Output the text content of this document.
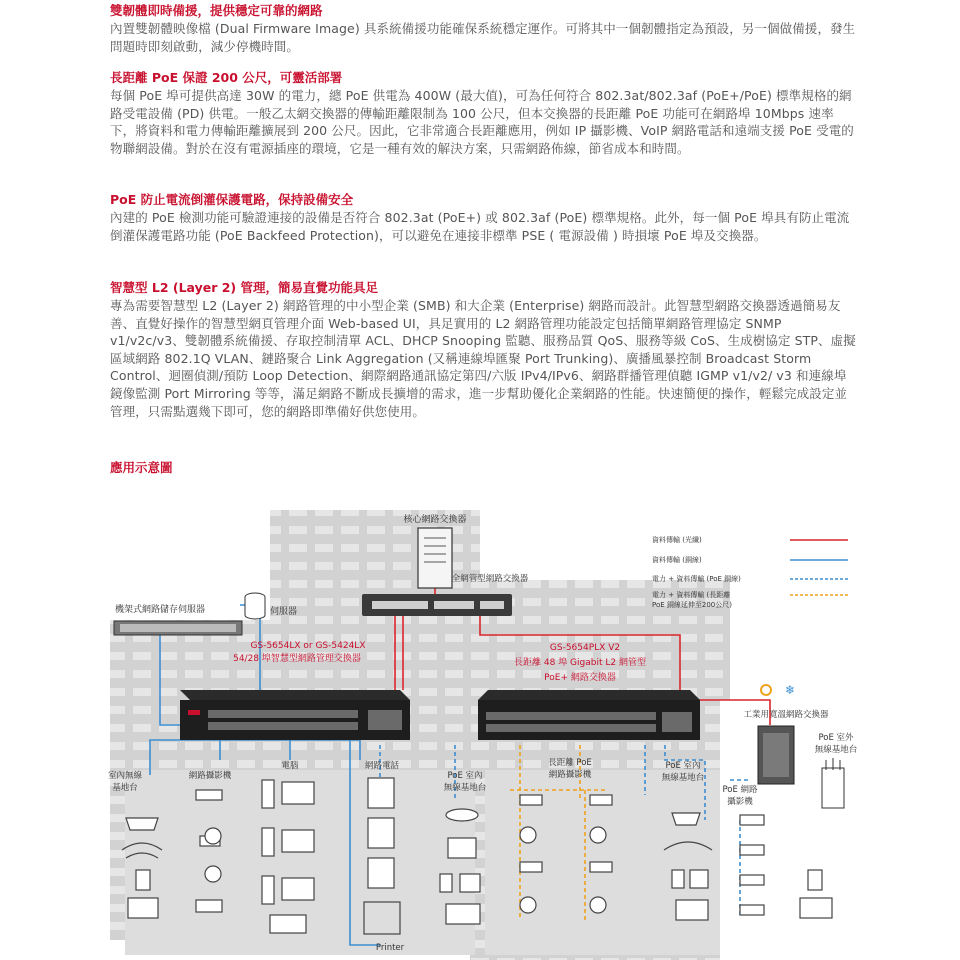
雙韌體即時備援，提供穩定可靠的網路

內置雙韌體映像檔 (Dual Firmware Image) 具系統備援功能確保系統穩定運作。可將其中一個韌體指定為預設，另一個做備援，發生問題時即刻啟動，減少停機時間。

長距離 PoE 保證 200 公尺，可靈活部署

每個 PoE 埠可提供高達 30W 的電力，總 PoE 供電為 400W (最大值)，可為任何符合 802.3at/802.3af (PoE+/PoE) 標準規格的網路受電設備 (PD) 供電。一般乙太網交換器的傳輸距離限制為 100 公尺，但本交換器的長距離 PoE 功能可在網路埠 10Mbps 速率下，將資料和電力傳輸距離擴展到 200 公尺。因此，它非常適合長距離應用，例如 IP 攝影機、VoIP 網路電話和遠端支援 PoE 受電的物聯網設備。對於在沒有電源插座的環境，它是一種有效的解決方案，只需網路佈線，節省成本和時間。

PoE 防止電流倒灌保護電路，保持設備安全

內建的 PoE 檢測功能可驗證連接的設備是否符合 802.3at (PoE+) 或 802.3af (PoE) 標準規格。此外，每一個 PoE 埠具有防止電流倒灌保護電路功能 (PoE Backfeed Protection)，可以避免在連接非標準 PSE ( 電源設備 ) 時損壞 PoE 埠及交換器。

智慧型 L2 (Layer 2) 管理，簡易直覺功能具足

專為需要智慧型 L2 (Layer 2) 網路管理的中小型企業 (SMB) 和大企業 (Enterprise) 網路而設計。此智慧型網路交換器透過簡易友善、直覺好操作的智慧型網頁管理介面 Web-based UI，具足實用的 L2 網路管理功能設定包括簡單網路管理協定 SNMP v1/v2c/v3、雙韌體系統備援、存取控制清單 ACL、DHCP Snooping 監聽、服務品質 QoS、服務等級 CoS、生成樹協定 STP、虛擬區域網路 802.1Q VLAN、鏈路聚合 Link Aggregation (又稱連線埠匯聚 Port Trunking)、廣播風暴控制 Broadcast Storm Control、迴圈偵測/預防 Loop Detection、網際網路通訊協定第四/六版 IPv4/IPv6、網路群播管理偵聽 IGMP v1/v2/ v3 和連線埠鏡像監測 Port Mirroring 等等，滿足網路不斷成長擴增的需求，進一步幫助優化企業網路的性能。快速簡便的操作，輕鬆完成設定並管理，只需點選幾下即可，您的網路即準備好供您使用。

應用示意圖
資料傳輸 (光纖)
資料傳輸 (銅線)
電力 + 資料傳輸 (PoE 銅線)
電力 + 資料傳輸 (長距離
PoE 銅線延伸至200公尺)
核心網路交換器
全網管型網路交換器
機架式網路儲存伺服器	伺服器
GS-5654LX or GS-5424LX
54/28 埠智慧型網路管理交換器
GS-5654PLX V2
長距離 48 埠 Gigabit L2 網管型
PoE+ 網路交換器
❄
工業用寬溫網路交換器
PoE 室外
無線基地台
室內無線
基地台
網路攝影機
電腦	網路電話
PoE 室內
無線基地台
長距離 PoE
網路攝影機
PoE 室內
無線基地台
PoE 網路
攝影機
Printer
